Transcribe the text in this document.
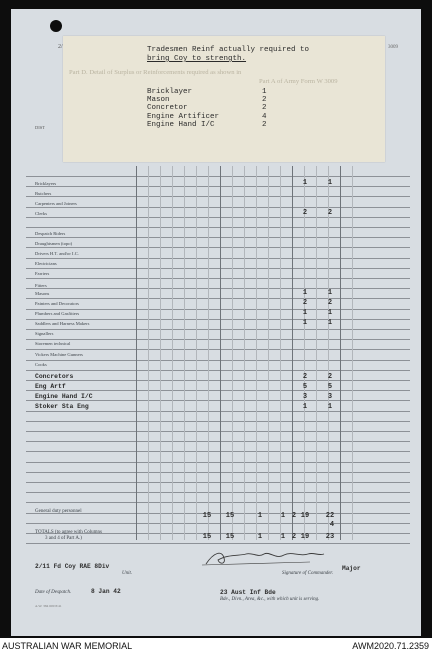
2/	3009
DIST
Part D. Detail of Surplus or Reinforcements required as shown in
Part A of Army Form W 3009
Tradesmen Reinf actually required to
bring Coy to strength.
Bricklayer	1
Mason	2
Concretor	2
Engine Artificer	4
Engine Hand I/C	2
Bricklayers	1	1
Butchers
Carpenters and Joiners
Clerks	2	2
Despatch Riders
Draughtsmen (topo)
Drivers H.T. and/or I.C.
Electricians
Farriers
Fitters
Masons	1	1
Painters and Decorators	2	2
Plumbers and Gasfitters	1	1
Saddlers and Harness Makers	1	1
Signallers
Storemen technical
Vickers Machine Gunners
Cooks
Concretors	2	2
Eng Artf	5	5
Engine Hand I/C	3	3
Stoker Sta Eng	1	1
General duty personnel
15 15	1	1 2 19 22
4
TOTALS (to agree with Columns
3 and 4 of Part A.)	15 15	1	1 2 19 23
2/11 Fd Coy RAE 8Div
Unit.
Major
Signature of Commander.
Date of Despatch.	8 Jan 42	23 Aust Inf Bde
Bde., Divn., Area, &c., with which unit is serving.
A.W. 384 600 8/41
AUSTRALIAN WAR MEMORIAL	AWM2020.71.2359
